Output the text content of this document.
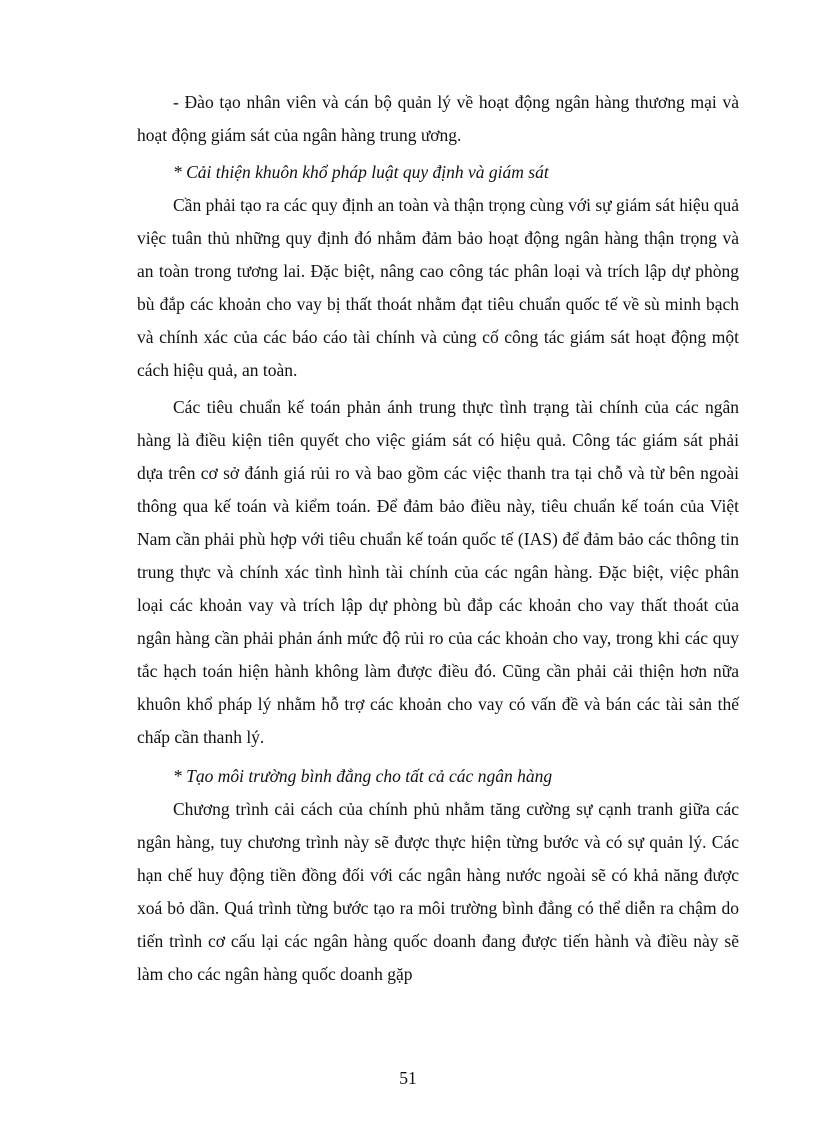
- Đào tạo nhân viên và cán bộ quản lý về hoạt động ngân hàng thương mại và hoạt động giám sát của ngân hàng trung ương.

* Cải thiện khuôn khổ pháp luật quy định và giám sát

Cần phải tạo ra các quy định an toàn và thận trọng cùng với sự giám sát hiệu quả việc tuân thủ những quy định đó nhằm đảm bảo hoạt động ngân hàng thận trọng và an toàn trong tương lai. Đặc biệt, nâng cao công tác phân loại và trích lập dự phòng bù đắp các khoản cho vay bị thất thoát nhằm đạt tiêu chuẩn quốc tế về sù minh bạch và chính xác của các báo cáo tài chính và củng cố công tác giám sát hoạt động một cách hiệu quả, an toàn.

Các tiêu chuẩn kế toán phản ánh trung thực tình trạng tài chính của các ngân hàng là điều kiện tiên quyết cho việc giám sát có hiệu quả. Công tác giám sát phải dựa trên cơ sở đánh giá rủi ro và bao gồm các việc thanh tra tại chỗ và từ bên ngoài thông qua kế toán và kiểm toán. Để đảm bảo điều này, tiêu chuẩn kế toán của Việt Nam cần phải phù hợp với tiêu chuẩn kế toán quốc tế (IAS) để đảm bảo các thông tin trung thực và chính xác tình hình tài chính của các ngân hàng. Đặc biệt, việc phân loại các khoản vay và trích lập dự phòng bù đắp các khoản cho vay thất thoát của ngân hàng cần phải phản ánh mức độ rủi ro của các khoản cho vay, trong khi các quy tắc hạch toán hiện hành không làm được điều đó. Cũng cần phải cải thiện hơn nữa khuôn khổ pháp lý nhằm hỗ trợ các khoản cho vay có vấn đề và bán các tài sản thế chấp cần thanh lý.

* Tạo môi trường bình đẳng cho tất cả các ngân hàng

Chương trình cải cách của chính phủ nhằm tăng cường sự cạnh tranh giữa các ngân hàng, tuy chương trình này sẽ được thực hiện từng bước và có sự quản lý. Các hạn chế huy động tiền đồng đối với các ngân hàng nước ngoài sẽ có khả năng được xoá bỏ dần. Quá trình từng bước tạo ra môi trường bình đẳng có thể diễn ra chậm do tiến trình cơ cấu lại các ngân hàng quốc doanh đang được tiến hành và điều này sẽ làm cho các ngân hàng quốc doanh gặp

51
